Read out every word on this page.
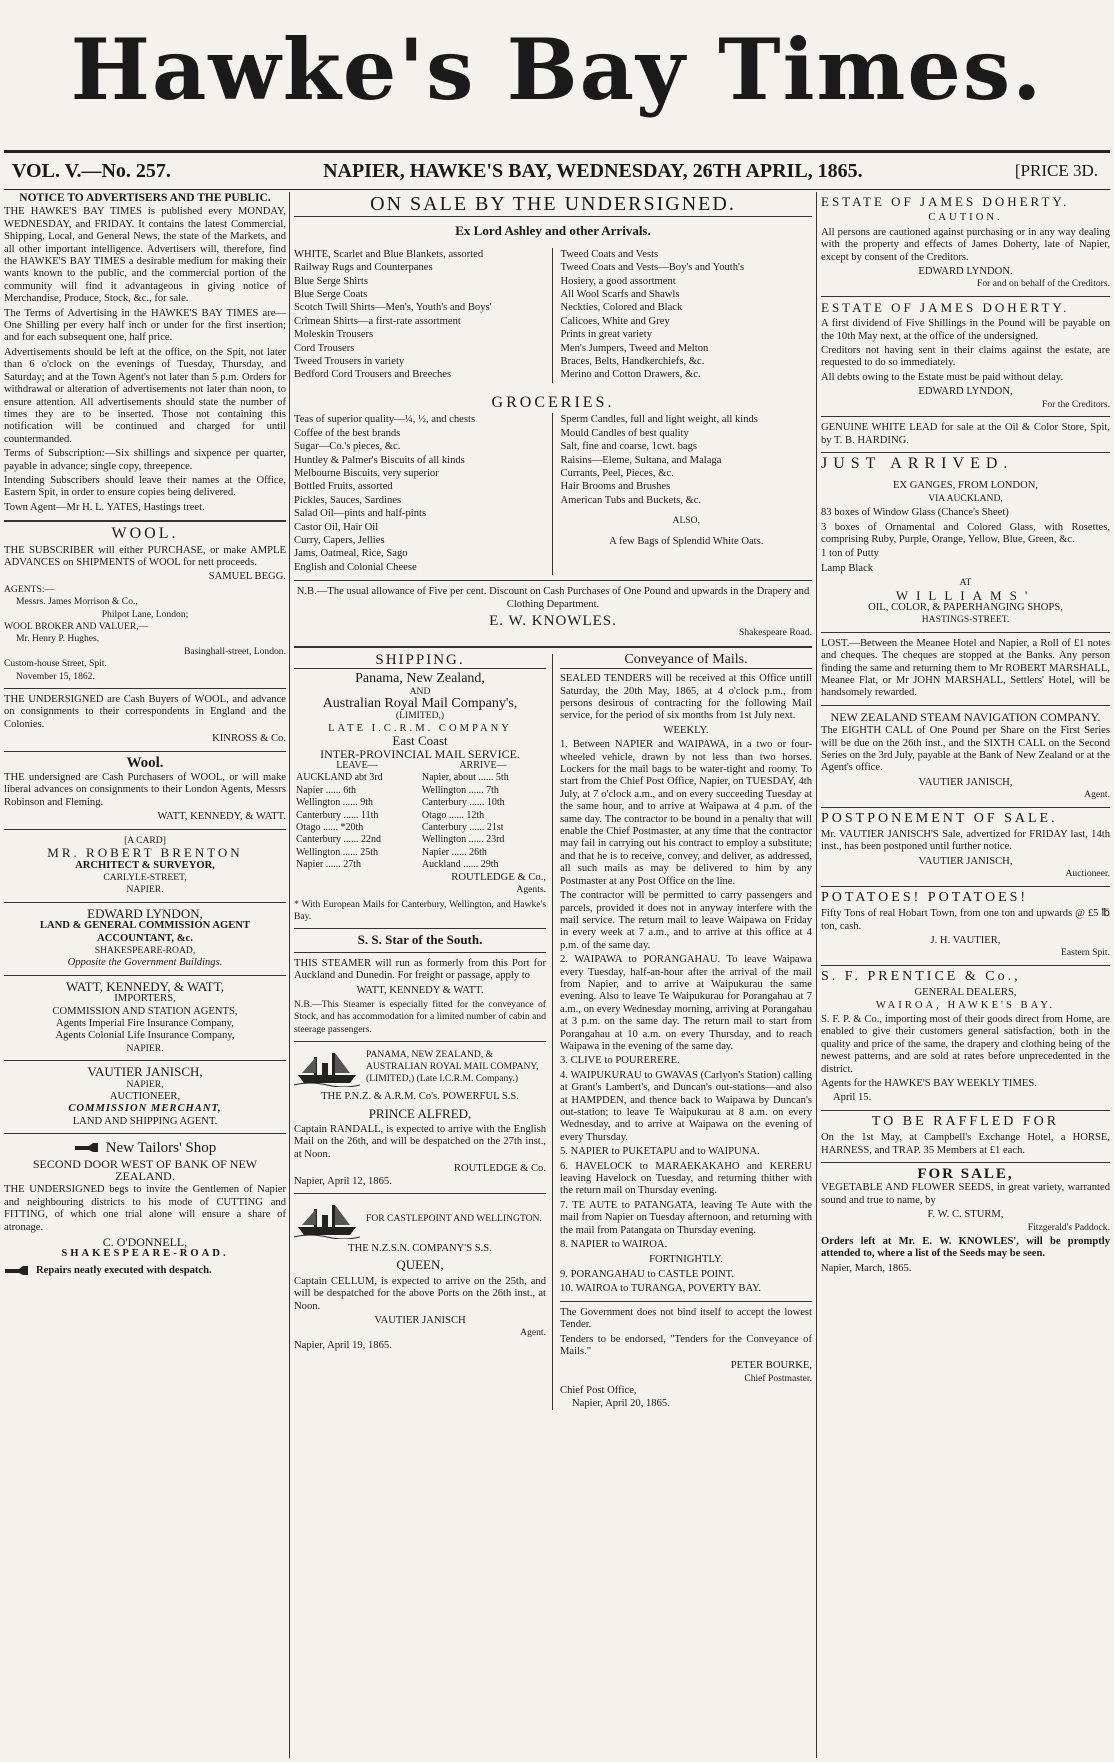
Hawke's Bay Times.
VOL. V.—No. 257.	NAPIER, HAWKE'S BAY, WEDNESDAY, 26TH APRIL, 1865.	[PRICE 3D.
NOTICE TO ADVERTISERS AND THE PUBLIC.

THE HAWKE'S BAY TIMES is published every MONDAY, WEDNESDAY, and FRIDAY. It contains the latest Commercial, Shipping, Local, and General News, the state of the Markets, and all other important intelligence. Advertisers will, therefore, find the HAWKE'S BAY TIMES a desirable medium for making their wants known to the public, and the commercial portion of the community will find it advantageous in giving notice of Merchandise, Produce, Stock, &c., for sale.

The Terms of Advertising in the HAWKE'S BAY TIMES are—One Shilling per every half inch or under for the first insertion; and for each subsequent one, half price.

Advertisements should be left at the office, on the Spit, not later than 6 o'clock on the evenings of Tuesday, Thursday, and Saturday; and at the Town Agent's not later than 5 p.m. Orders for withdrawal or alteration of advertisements not later than noon, to ensure attention. All advertisements should state the number of times they are to be inserted. Those not containing this notification will be continued and charged for until countermanded.

Terms of Subscription:—Six shillings and sixpence per quarter, payable in advance; single copy, threepence.

Intending Subscribers should leave their names at the Office, Eastern Spit, in order to ensure copies being delivered.

Town Agent—Mr H. L. YATES, Hastings treet.

WOOL.

THE SUBSCRIBER will either PURCHASE, or make AMPLE ADVANCES on SHIPMENTS of WOOL for nett proceeds.

SAMUEL BEGG.
AGENTS:—
Messrs. James Morrison & Co.,
Philpot Lane, London;
WOOL BROKER AND VALUER,—
Mr. Henry P. Hughes,
Basinghall-street, London.
Custom-house Street, Spit.
November 15, 1862.

THE UNDERSIGNED are Cash Buyers of WOOL, and advance on consignments to their correspondents in England and the Colonies.

KINROSS & Co.
Wool.

THE undersigned are Cash Purchasers of WOOL, or will make liberal advances on consignments to their London Agents, Messrs Robinson and Fleming.

WATT, KENNEDY, & WATT.
[A CARD]
MR. ROBERT BRENTON
ARCHITECT & SURVEYOR,
CARLYLE-STREET,
NAPIER.
EDWARD LYNDON,
LAND & GENERAL COMMISSION AGENT ACCOUNTANT, &c.
SHAKESPEARE-ROAD,
Opposite the Government Buildings.
WATT, KENNEDY, & WATT,
IMPORTERS,
COMMISSION AND STATION AGENTS,
Agents Imperial Fire Insurance Company,
Agents Colonial Life Insurance Company,
NAPIER.
VAUTIER JANISCH,
NAPIER,
AUCTIONEER,
COMMISSION MERCHANT,
LAND AND SHIPPING AGENT.
New Tailors' Shop
SECOND DOOR WEST OF BANK OF NEW ZEALAND.

THE UNDERSIGNED begs to invite the Gentlemen of Napier and neighbouring districts to his mode of CUTTING and FITTING, of which one trial alone will ensure a share of atronage.

C. O'DONNELL,
SHAKESPEARE-ROAD.
Repairs neatly executed with despatch.
ON SALE BY THE UNDERSIGNED.
Ex Lord Ashley and other Arrivals.
WHITE, Scarlet and Blue Blankets, assorted
Railway Rugs and Counterpanes
Blue Serge Shirts
Blue Serge Coats
Scotch Twill Shirts—Men's, Youth's and Boys'
Crimean Shirts—a first-rate assortment
Moleskin Trousers
Cord Trousers
Tweed Trousers in variety
Bedford Cord Trousers and Breeches
Tweed Coats and Vests
Tweed Coats and Vests—Boy's and Youth's
Hosiery, a good assortment
All Wool Scarfs and Shawls
Neckties, Colored and Black
Calicoes, White and Grey
Prints in great variety
Men's Jumpers, Tweed and Melton
Braces, Belts, Handkerchiefs, &c.
Merino and Cotton Drawers, &c.
GROCERIES.
Teas of superior quality—¼, ½, and chests
Coffee of the best brands
Sugar—Co.'s pieces, &c.
Huntley & Palmer's Biscuits of all kinds
Melbourne Biscuits, very superior
Bottled Fruits, assorted
Pickles, Sauces, Sardines
Salad Oil—pints and half-pints
Castor Oil, Hair Oil
Curry, Capers, Jellies
Jams, Oatmeal, Rice, Sago
English and Colonial Cheese
Sperm Candles, full and light weight, all kinds
Mould Candles of best quality
Salt, fine and coarse, 1cwt. bags
Raisins—Eleme, Sultana, and Malaga
Currants, Peel, Pieces, &c.
Hair Brooms and Brushes
American Tubs and Buckets, &c.
ALSO,
A few Bags of Splendid White Oats.

N.B.—The usual allowance of Five per cent. Discount on Cash Purchases of One Pound and upwards in the Drapery and Clothing Department.

E. W. KNOWLES.
Shakespeare Road.
SHIPPING.
Panama, New Zealand,
AND
Australian Royal Mail Company's,
(LIMITED,)
LATE I.C.R.M. COMPANY
East Coast
INTER-PROVINCIAL MAIL SERVICE.
LEAVE—	ARRIVE—
AUCKLAND abt 3rd	Napier, about ...... 5th
Napier ...... 6th	Wellington ...... 7th
Wellington ...... 9th	Canterbury ...... 10th
Canterbury ...... 11th	Otago ...... 12th
Otago ...... *20th	Canterbury ...... 21st
Canterbury ...... 22nd	Wellington ...... 23rd
Wellington ...... 25th	Napier ...... 26th
Napier ...... 27th	Auckland ...... 29th
ROUTLEDGE & Co.,
Agents.

* With European Mails for Canterbury, Wellington, and Hawke's Bay.

S. S. Star of the South.

THIS STEAMER will run as formerly from this Port for Auckland and Dunedin. For freight or passage, apply to

WATT, KENNEDY & WATT.

N.B.—This Steamer is especially fitted for the conveyance of Stock, and has accommodation for a limited number of cabin and steerage passengers.

PANAMA, NEW ZEALAND, & AUSTRALIAN ROYAL MAIL COMPANY, (LIMITED,) (Late I.C.R.M. Company.)
THE P.N.Z. & A.R.M. Co's. POWERFUL S.S.
PRINCE ALFRED,

Captain RANDALL, is expected to arrive with the English Mail on the 26th, and will be despatched on the 27th inst., at Noon.

ROUTLEDGE & Co.
Napier, April 12, 1865.
FOR CASTLEPOINT AND WELLINGTON.
THE N.Z.S.N. COMPANY'S S.S.
QUEEN,

Captain CELLUM, is expected to arrive on the 25th, and will be despatched for the above Ports on the 26th inst., at Noon.

VAUTIER JANISCH
Agent.
Napier, April 19, 1865.
Conveyance of Mails.

SEALED TENDERS will be received at this Office untill Saturday, the 20th May, 1865, at 4 o'clock p.m., from persons desirous of contracting for the following Mail service, for the period of six months from 1st July next.

WEEKLY.

1. Between NAPIER and WAIPAWA, in a two or four-wheeled vehicle, drawn by not less than two horses. Lockers for the mail bags to be water-tight and roomy. To start from the Chief Post Office, Napier, on TUESDAY, 4th July, at 7 o'clock a.m., and on every succeeding Tuesday at the same hour, and to arrive at Waipawa at 4 p.m. of the same day. The contractor to be bound in a penalty that will enable the Chief Postmaster, at any time that the contractor may fail in carrying out his contract to employ a substitute; and that he is to receive, convey, and deliver, as addressed, all such mails as may be delivered to him by any Postmaster at any Post Office on the line.

The contractor will be permitted to carry passengers and parcels, provided it does not in anyway interfere with the mail service. The return mail to leave Waipawa on Friday in every week at 7 a.m., and to arrive at this office at 4 p.m. of the same day.

2. WAIPAWA to PORANGAHAU. To leave Waipawa every Tuesday, half-an-hour after the arrival of the mail from Napier, and to arrive at Waipukurau the same evening. Also to leave Te Waipukurau for Porangahau at 7 a.m., on every Wednesday morning, arriving at Porangahau at 3 p.m. on the same day. The return mail to start from Porangahau at 10 a.m. on every Thursday, and to reach Waipawa in the evening of the same day.

3. CLIVE to POURERERE.

4. WAIPUKURAU to GWAVAS (Carlyon's Station) calling at Grant's Lambert's, and Duncan's out-stations—and also at HAMPDEN, and thence back to Waipawa by Duncan's out-station; to leave Te Waipukurau at 8 a.m. on every Wednesday, and to arrive at Waipawa on the evening of every Thursday.

5. NAPIER to PUKETAPU and to WAIPUNA.

6. HAVELOCK to MARAEKAKAHO and KERERU leaving Havelock on Tuesday, and returning thither with the return mail on Thursday evening.

7. TE AUTE to PATANGATA, leaving Te Aute with the mail from Napier on Tuesday afternoon, and returning with the mail from Patangata on Thursday evening.

8. NAPIER to WAIROA.

FORTNIGHTLY.

9. PORANGAHAU to CASTLE POINT.

10. WAIROA to TURANGA, POVERTY BAY.

The Government does not bind itself to accept the lowest Tender.

Tenders to be endorsed, "Tenders for the Conveyance of Mails."

PETER BOURKE,
Chief Postmaster.
Chief Post Office,
Napier, April 20, 1865.
ESTATE OF JAMES DOHERTY.
CAUTION.

All persons are cautioned against purchasing or in any way dealing with the property and effects of James Doherty, late of Napier, except by consent of the Creditors.

EDWARD LYNDON.
For and on behalf of the Creditors.
ESTATE OF JAMES DOHERTY.

A first dividend of Five Shillings in the Pound will be payable on the 10th May next, at the office of the undersigned.

Creditors not having sent in their claims against the estate, are requested to do so immediately.

All debts owing to the Estate must be paid without delay.

EDWARD LYNDON,
For the Creditors.

GENUINE WHITE LEAD for sale at the Oil & Color Store, Spit, by T. B. HARDING.

JUST ARRIVED.
EX GANGES, FROM LONDON,
VIA AUCKLAND,

83 boxes of Window Glass (Chance's Sheet)

3 boxes of Ornamental and Colored Glass, with Rosettes, comprising Ruby, Purple, Orange, Yellow, Blue, Green, &c.

1 ton of Putty

Lamp Black

AT
WILLIAMS'
OIL, COLOR, & PAPERHANGING SHOPS,
HASTINGS-STREET.

LOST.—Between the Meanee Hotel and Napier, a Roll of £1 notes and cheques. The cheques are stopped at the Banks. Any person finding the same and returning them to Mr ROBERT MARSHALL, Meanee Flat, or Mr JOHN MARSHALL, Settlers' Hotel, will be handsomely rewarded.

NEW ZEALAND STEAM NAVIGATION COMPANY.

The EIGHTH CALL of One Pound per Share on the First Series will be due on the 26th inst., and the SIXTH CALL on the Second Series on the 3rd July, payable at the Bank of New Zealand or at the Agent's office.

VAUTIER JANISCH,
Agent.
POSTPONEMENT OF SALE.

Mr. VAUTIER JANISCH'S Sale, advertized for FRIDAY last, 14th inst., has been postponed until further notice.

VAUTIER JANISCH,
Auctioneer.
POTATOES! POTATOES!

Fifty Tons of real Hobart Town, from one ton and upwards @ £5 ℔ ton, cash.

J. H. VAUTIER,
Eastern Spit.
S. F. PRENTICE & Co.,
GENERAL DEALERS,
WAIROA, HAWKE'S BAY.

S. F. P. & Co., importing most of their goods direct from Home, are enabled to give their customers general satisfaction, both in the quality and price of the same, the drapery and clothing being of the newest patterns, and are sold at rates before unprecedented in the district.

Agents for the HAWKE'S BAY WEEKLY TIMES.

April 15.
TO BE RAFFLED FOR

On the 1st May, at Campbell's Exchange Hotel, a HORSE, HARNESS, and TRAP. 35 Members at £1 each.

FOR SALE,

VEGETABLE AND FLOWER SEEDS, in great variety, warranted sound and true to name, by

F. W. C. STURM,
Fitzgerald's Paddock.

Orders left at Mr. E. W. KNOWLES', will be promptly attended to, where a list of the Seeds may be seen.

Napier, March, 1865.
